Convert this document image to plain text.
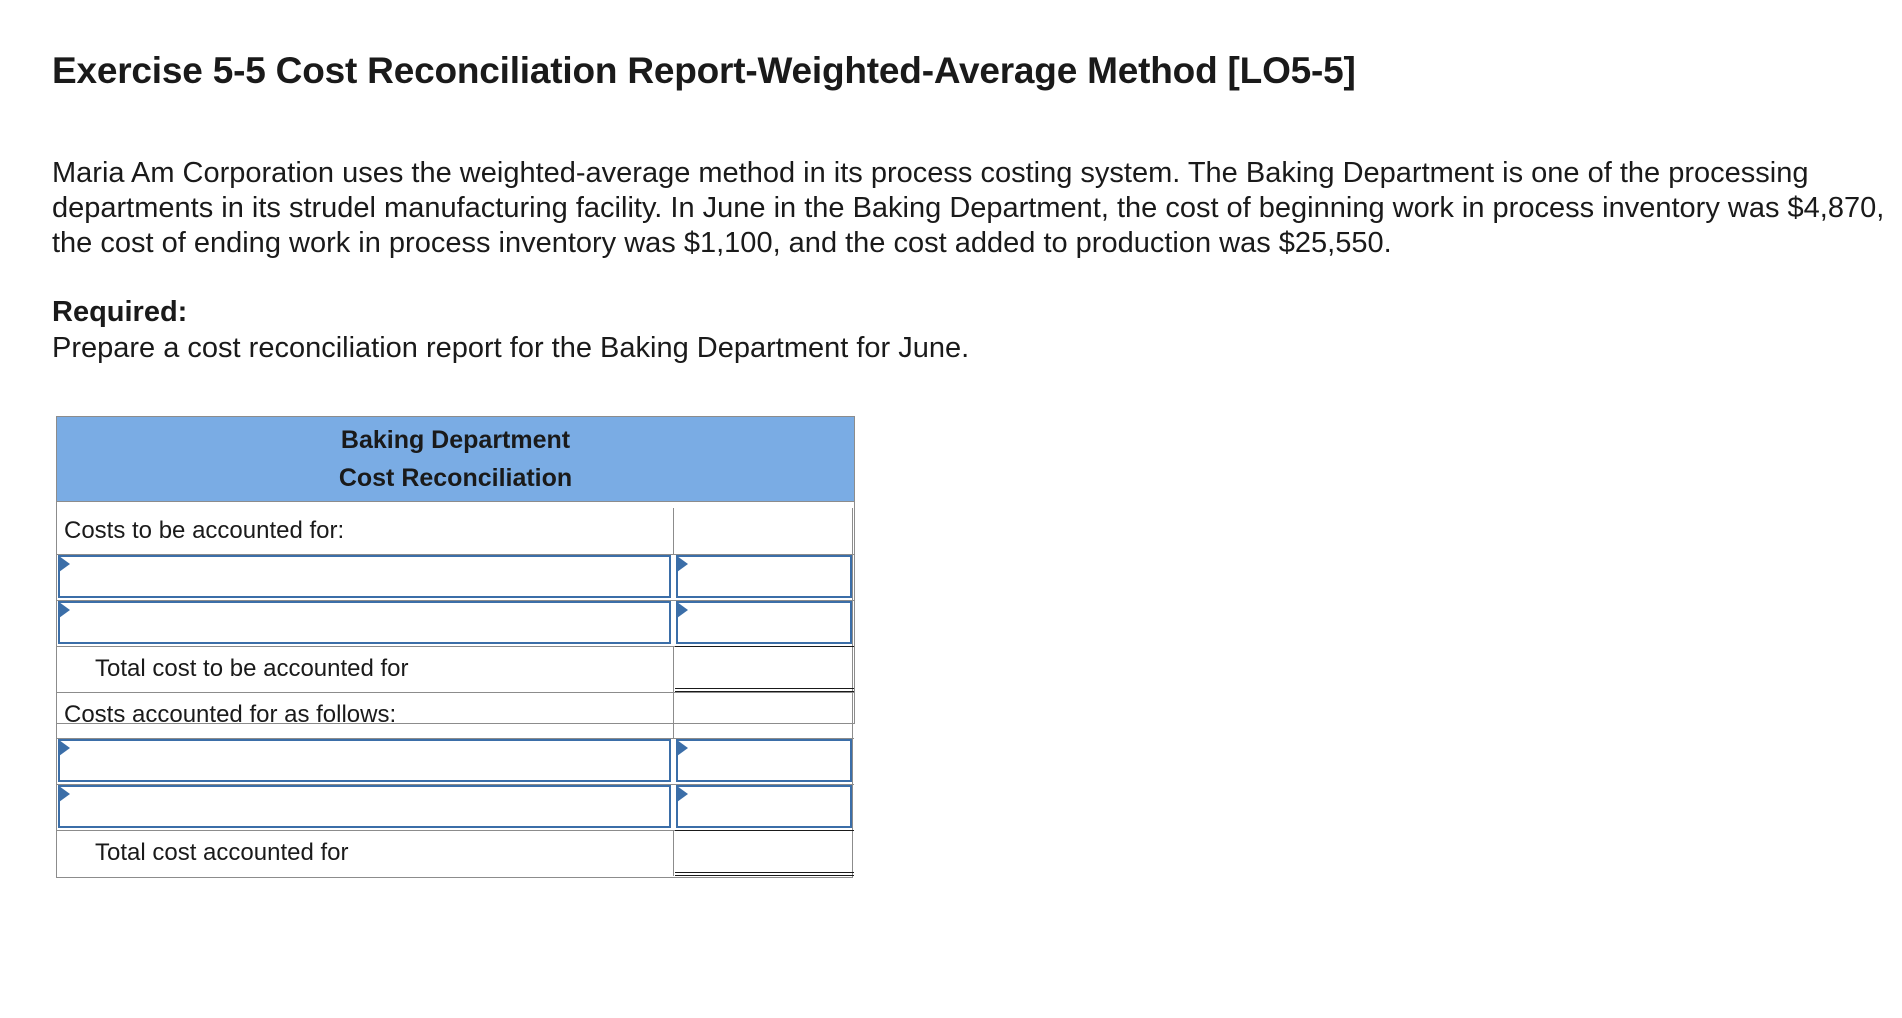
Exercise 5-5 Cost Reconciliation Report-Weighted-Average Method [LO5-5]

Maria Am Corporation uses the weighted-average method in its process costing system. The Baking Department is one of the processing departments in its strudel manufacturing facility. In June in the Baking Department, the cost of beginning work in process inventory was $4,870, the cost of ending work in process inventory was $1,100, and the cost added to production was $25,550.

Required:

Prepare a cost reconciliation report for the Baking Department for June.

Baking Department
Cost Reconciliation
Costs to be accounted for:
Total cost to be accounted for
Costs accounted for as follows:
Total cost accounted for
